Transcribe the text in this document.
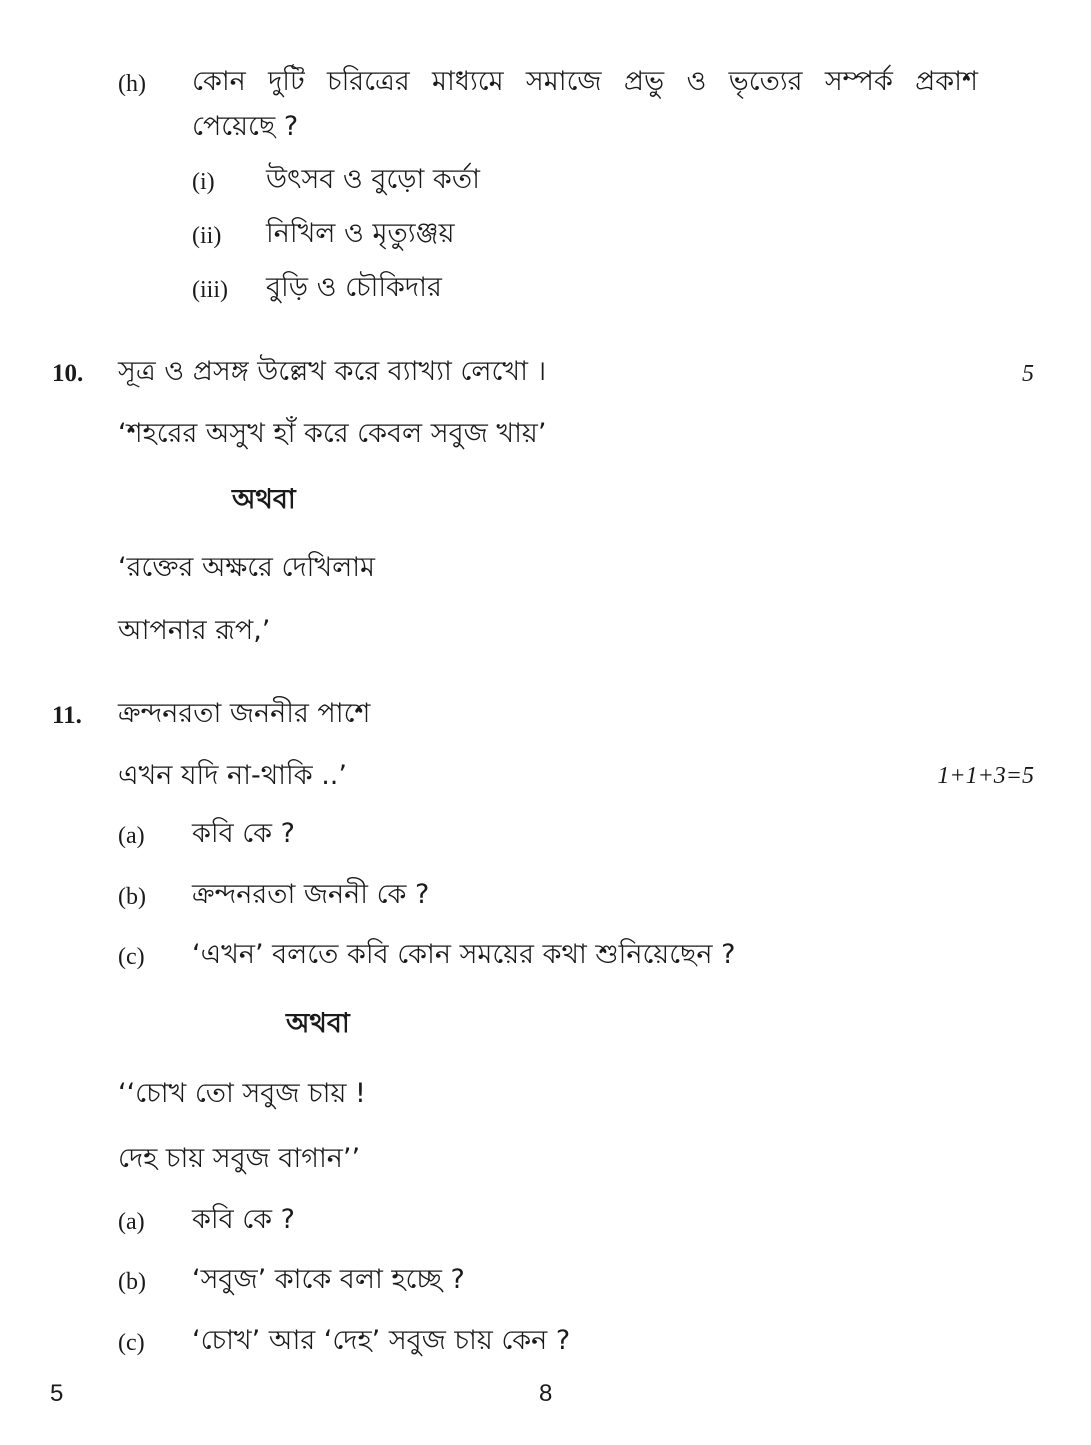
(h) কোন দুটি চরিত্রের মাধ্যমে সমাজে প্রভু ও ভৃত্যের সম্পর্ক প্রকাশ
পেয়েছে ?
(i) উৎসব ও বুড়ো কর্তা
(ii) নিখিল ও মৃত্যুঞ্জয়
(iii) বুড়ি ও চৌকিদার
10. সূত্র ও প্রসঙ্গ উল্লেখ করে ব্যাখ্যা লেখো ।	5
‘শহরের অসুখ হাঁ করে কেবল সবুজ খায়’
অথবা
‘রক্তের অক্ষরে দেখিলাম
আপনার রূপ,’
11. ক্রন্দনরতা জননীর পাশে
এখন যদি না-থাকি ..’	1+1+3=5
(a) কবি কে ?
(b) ক্রন্দনরতা জননী কে ?
(c) ‘এখন’ বলতে কবি কোন সময়ের কথা শুনিয়েছেন ?
অথবা
‘‘চোখ তো সবুজ চায় !
দেহ চায় সবুজ বাগান’’
(a) কবি কে ?
(b) ‘সবুজ’ কাকে বলা হচ্ছে ?
(c) ‘চোখ’ আর ‘দেহ’ সবুজ চায় কেন ?
5	8
